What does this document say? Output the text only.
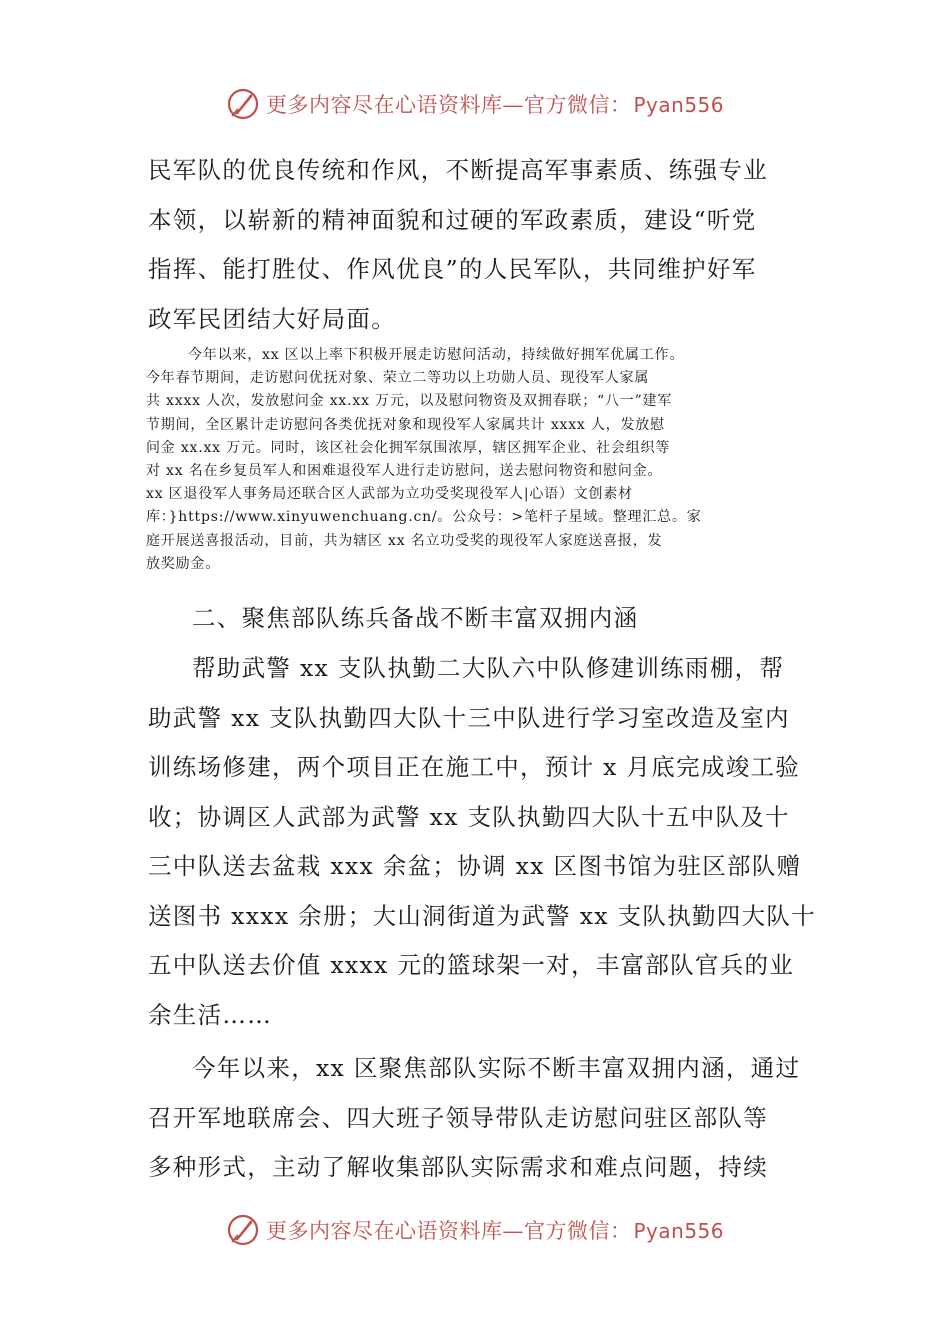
更多内容尽在心语资料库—官方微信： Pyan556
民军队的优良传统和作风，不断提高军事素质、练强专业
本领，以崭新的精神面貌和过硬的军政素质，建设“听党
指挥、能打胜仗、作风优良”的人民军队，共同维护好军
政军民团结大好局面。
今年以来，xx 区以上率下积极开展走访慰问活动，持续做好拥军优属工作。
今年春节期间，走访慰问优抚对象、荣立二等功以上功勋人员、现役军人家属
共 xxxx 人次，发放慰问金 xx.xx 万元，以及慰问物资及双拥春联；“八一”建军
节期间，全区累计走访慰问各类优抚对象和现役军人家属共计 xxxx 人，发放慰
问金 xx.xx 万元。同时，该区社会化拥军氛围浓厚，辖区拥军企业、社会组织等
对 xx 名在乡复员军人和困难退役军人进行走访慰问，送去慰问物资和慰问金。
xx 区退役军人事务局还联合区人武部为立功受奖现役军人|心语）文创素材
库：}https://www.xinyuwenchuang.cn/。公众号：>笔杆子星域。整理汇总。家
庭开展送喜报活动，目前，共为辖区 xx 名立功受奖的现役军人家庭送喜报，发
放奖励金。
二、聚焦部队练兵备战不断丰富双拥内涵
帮助武警 xx 支队执勤二大队六中队修建训练雨棚，帮
助武警 xx 支队执勤四大队十三中队进行学习室改造及室内
训练场修建，两个项目正在施工中，预计 x 月底完成竣工验
收；协调区人武部为武警 xx 支队执勤四大队十五中队及十
三中队送去盆栽 xxx 余盆；协调 xx 区图书馆为驻区部队赠
送图书 xxxx 余册；大山洞街道为武警 xx 支队执勤四大队十
五中队送去价值 xxxx 元的篮球架一对，丰富部队官兵的业
余生活……
今年以来，xx 区聚焦部队实际不断丰富双拥内涵，通过
召开军地联席会、四大班子领导带队走访慰问驻区部队等
多种形式，主动了解收集部队实际需求和难点问题，持续
更多内容尽在心语资料库—官方微信： Pyan556
